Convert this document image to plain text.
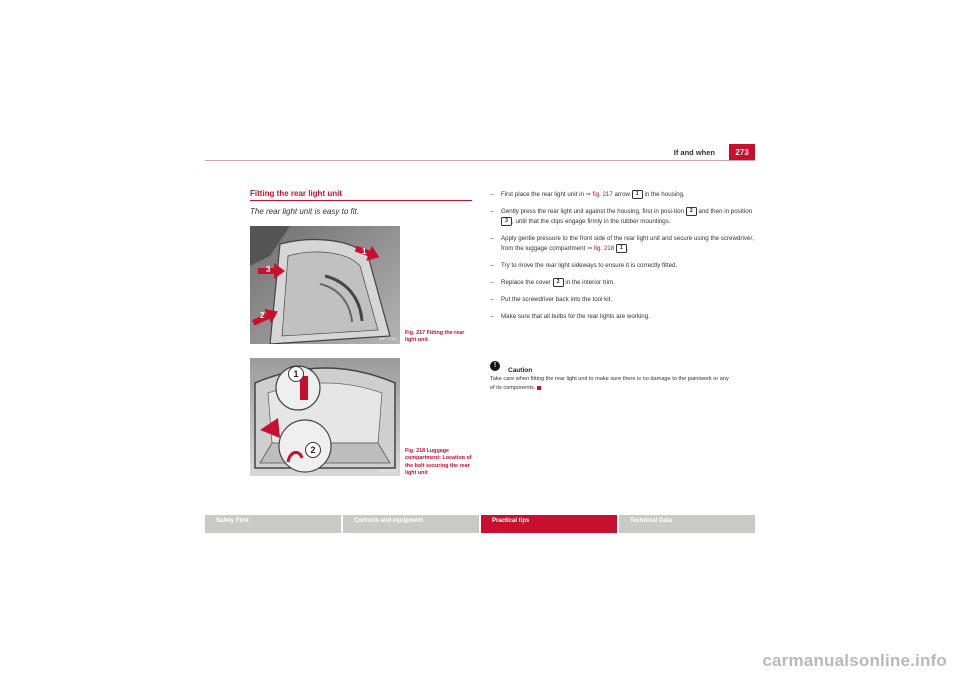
If and when	273
Fitting the rear light unit
The rear light unit is easy to fit.
1
3
2
B5R-0184
Fig. 217 Fitting the rear light unit
1
2
B5R-0186
Fig. 218 Luggage compartment: Location of the bolt securing the rear light unit
– First place the rear light unit in ⇒ fig. 217 arrow 1 in the housing.
– Gently press the rear light unit against the housing, first in posi-tion 2 and then in position 3 , until that the clips engage firmly in the rubber mountings.
– Apply gentle pressure to the front side of the rear light unit and secure using the screwdriver, from the luggage compartment ⇒ fig. 218 1 .
– Try to move the rear light sideways to ensure it is correctly fitted.
– Replace the cover 2 in the interior trim.
– Put the screwdriver back into the tool kit.
– Make sure that all bulbs for the rear lights are working.
!
Caution
Take care when fitting the rear light unit to make sure there is no damage to the paintwork or any of its components.
Safety First	Controls and equipment	Practical tips	Technical Data
carmanualsonline.info
